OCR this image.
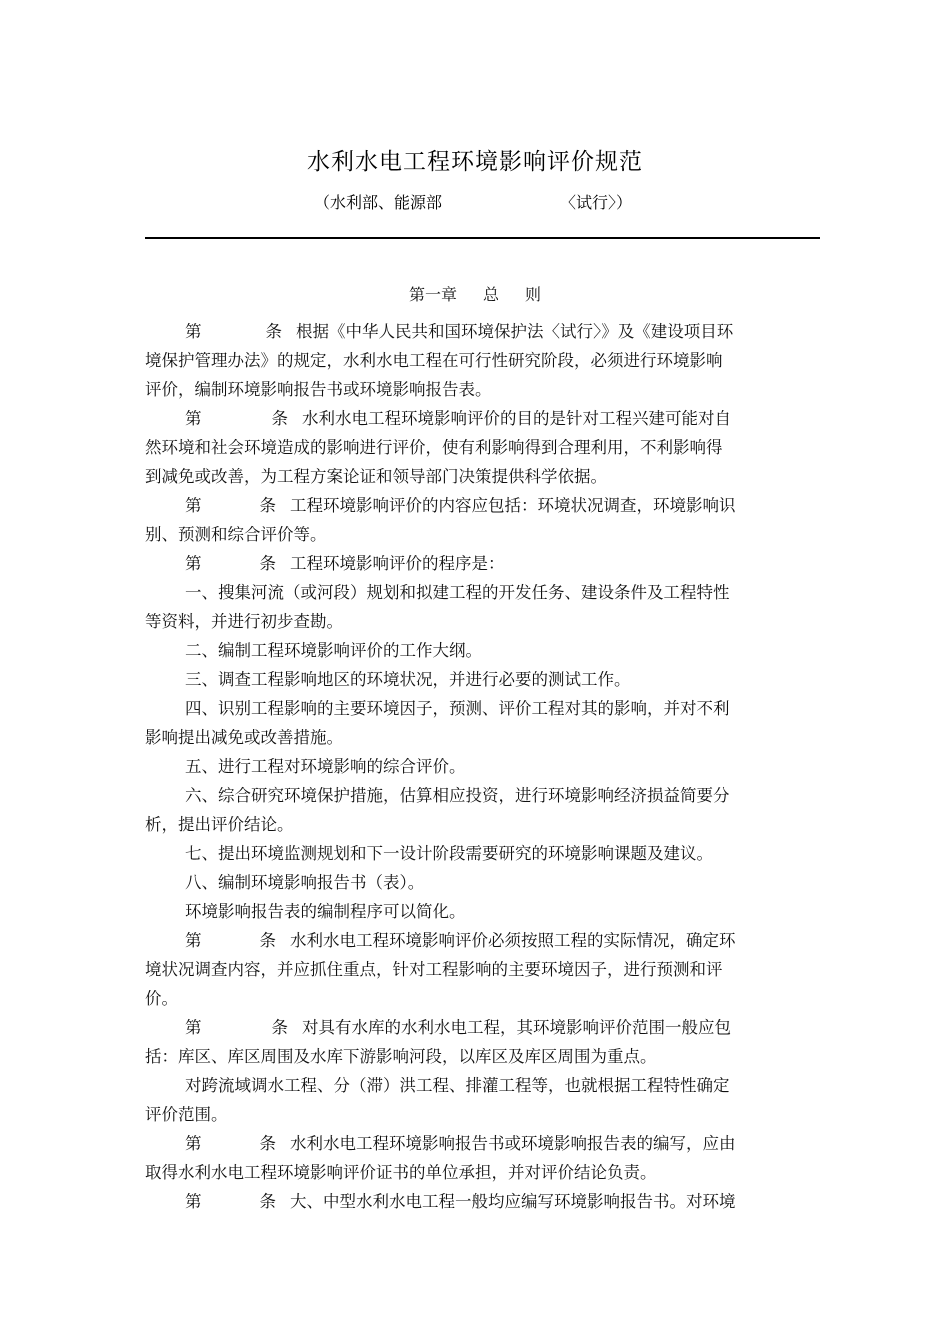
水利水电工程环境影响评价规范
（水利部、能源部	〈试行〉）
第一章 总 则
第	条 根据《中华人民共和国环境保护法〈试行〉》及《建设项目环
境保护管理办法》的规定，水利水电工程在可行性研究阶段，必须进行环境影响
评价，编制环境影响报告书或环境影响报告表。
第	条 水利水电工程环境影响评价的目的是针对工程兴建可能对自
然环境和社会环境造成的影响进行评价，使有利影响得到合理利用，不利影响得
到减免或改善，为工程方案论证和领导部门决策提供科学依据。
第	条 工程环境影响评价的内容应包括：环境状况调查，环境影响识
别、预测和综合评价等。
第	条 工程环境影响评价的程序是：
一、搜集河流（或河段）规划和拟建工程的开发任务、建设条件及工程特性
等资料，并进行初步查勘。
二、编制工程环境影响评价的工作大纲。
三、调查工程影响地区的环境状况，并进行必要的测试工作。
四、识别工程影响的主要环境因子，预测、评价工程对其的影响，并对不利
影响提出减免或改善措施。
五、进行工程对环境影响的综合评价。
六、综合研究环境保护措施，估算相应投资，进行环境影响经济损益简要分
析，提出评价结论。
七、提出环境监测规划和下一设计阶段需要研究的环境影响课题及建议。
八、编制环境影响报告书（表）。
环境影响报告表的编制程序可以简化。
第	条 水利水电工程环境影响评价必须按照工程的实际情况，确定环
境状况调查内容，并应抓住重点，针对工程影响的主要环境因子，进行预测和评
价。
第	条 对具有水库的水利水电工程，其环境影响评价范围一般应包
括：库区、库区周围及水库下游影响河段，以库区及库区周围为重点。
对跨流域调水工程、分（滞）洪工程、排灌工程等，也就根据工程特性确定
评价范围。
第	条 水利水电工程环境影响报告书或环境影响报告表的编写，应由
取得水利水电工程环境影响评价证书的单位承担，并对评价结论负责。
第	条 大、中型水利水电工程一般均应编写环境影响报告书。对环境
